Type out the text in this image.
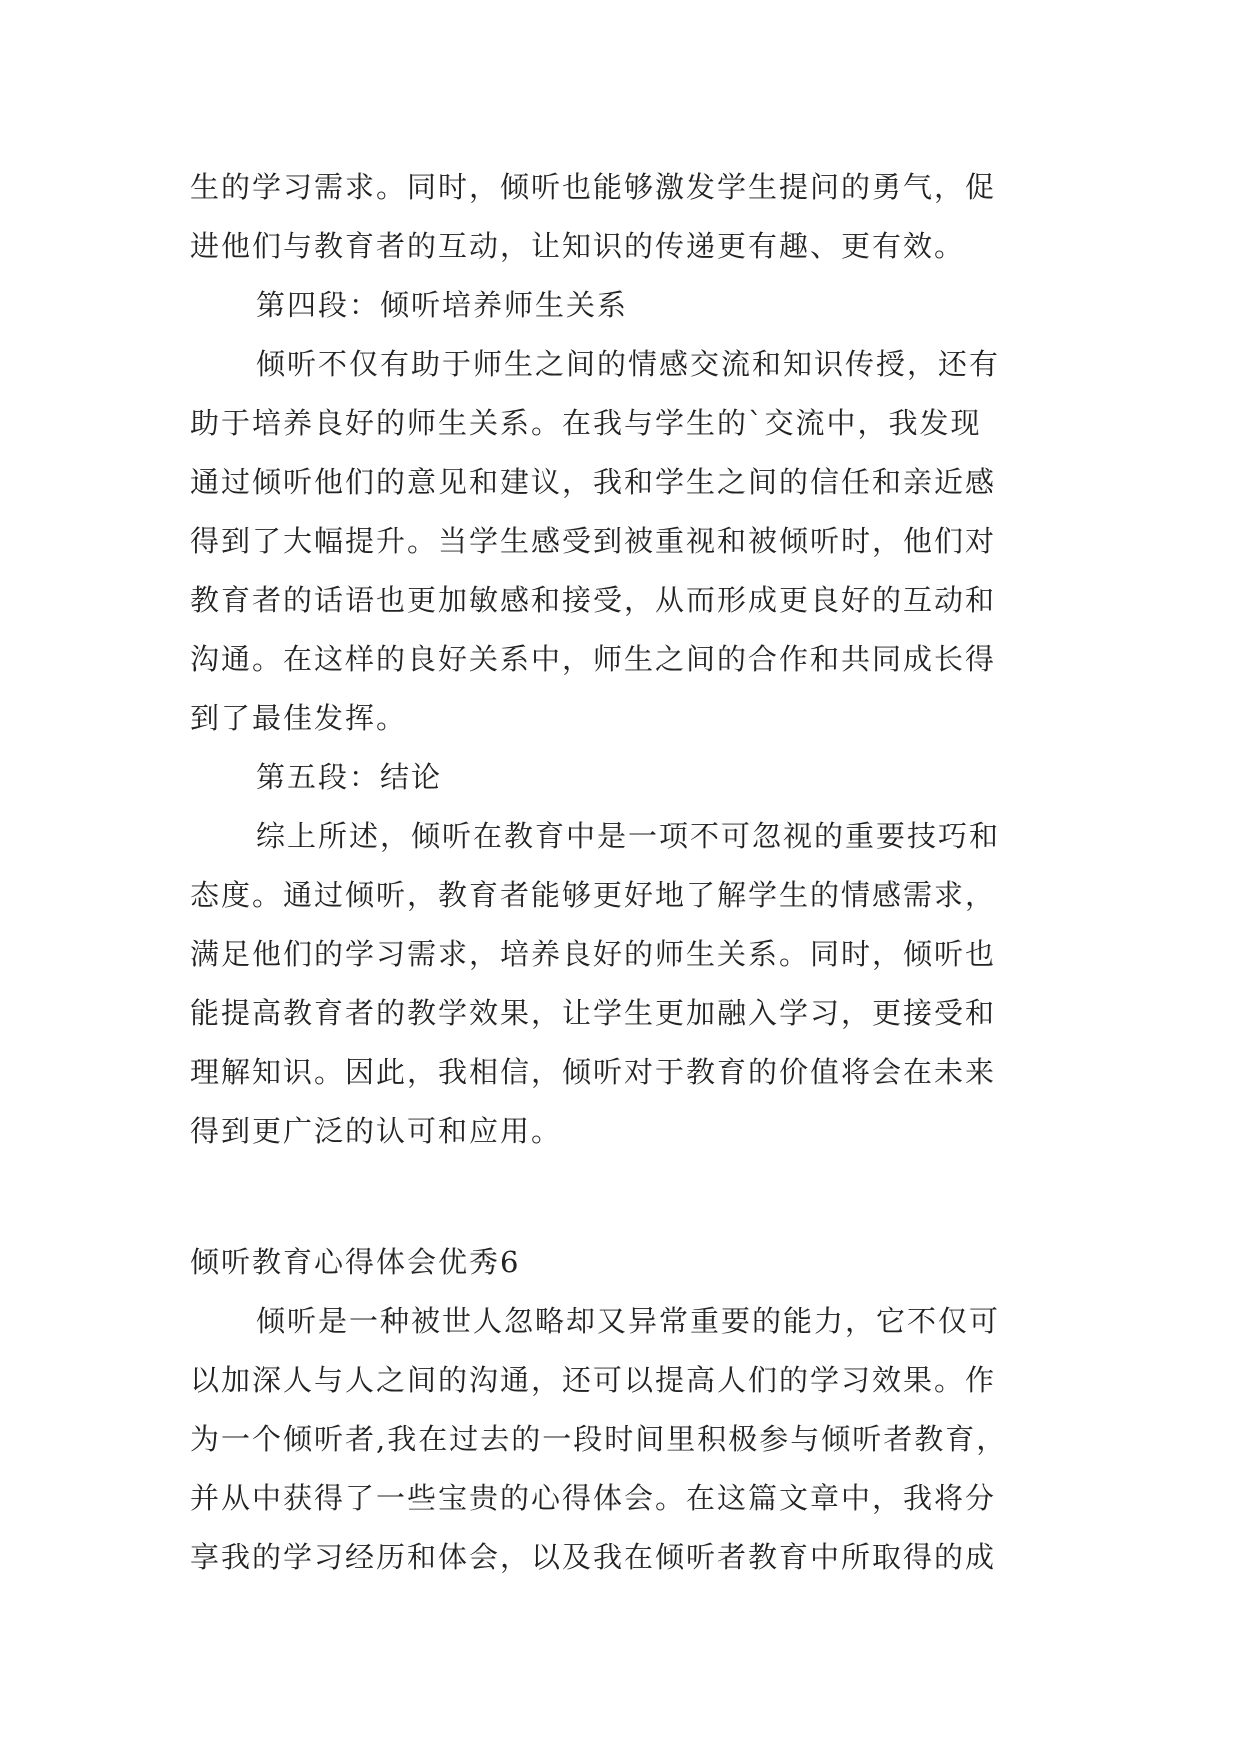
生的学习需求。同时，倾听也能够激发学生提问的勇气，促
进他们与教育者的互动，让知识的传递更有趣、更有效。
第四段：倾听培养师生关系
倾听不仅有助于师生之间的情感交流和知识传授，还有
助于培养良好的师生关系。在我与学生的`交流中，我发现
通过倾听他们的意见和建议，我和学生之间的信任和亲近感
得到了大幅提升。当学生感受到被重视和被倾听时，他们对
教育者的话语也更加敏感和接受，从而形成更良好的互动和
沟通。在这样的良好关系中，师生之间的合作和共同成长得
到了最佳发挥。
第五段：结论
综上所述，倾听在教育中是一项不可忽视的重要技巧和
态度。通过倾听，教育者能够更好地了解学生的情感需求，
满足他们的学习需求，培养良好的师生关系。同时，倾听也
能提高教育者的教学效果，让学生更加融入学习，更接受和
理解知识。因此，我相信，倾听对于教育的价值将会在未来
得到更广泛的认可和应用。
倾听教育心得体会优秀6
倾听是一种被世人忽略却又异常重要的能力，它不仅可
以加深人与人之间的沟通，还可以提高人们的学习效果。作
为一个倾听者,我在过去的一段时间里积极参与倾听者教育，
并从中获得了一些宝贵的心得体会。在这篇文章中，我将分
享我的学习经历和体会，以及我在倾听者教育中所取得的成
